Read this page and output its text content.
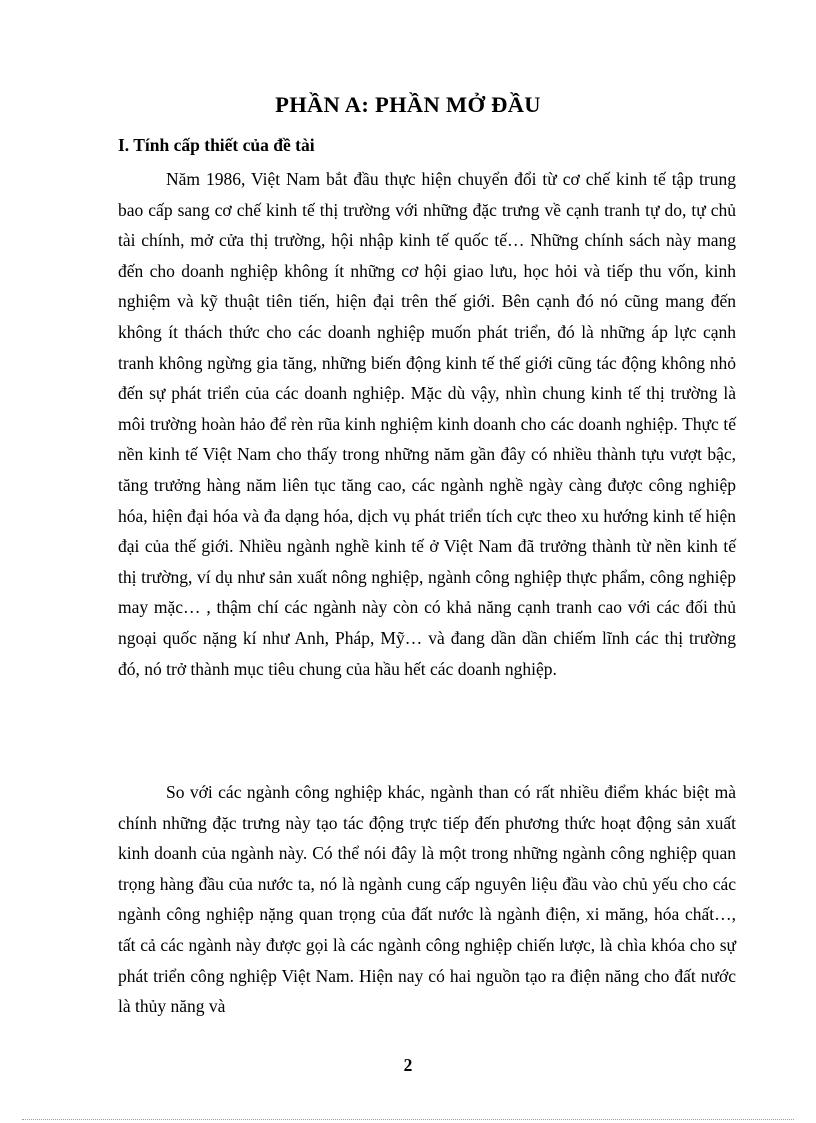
PHẦN A: PHẦN MỞ ĐẦU
I. Tính cấp thiết của đề tài

Năm 1986, Việt Nam bắt đầu thực hiện chuyển đổi từ cơ chế kinh tế tập trung bao cấp sang cơ chế kinh tế thị trường với những đặc trưng về cạnh tranh tự do, tự chủ tài chính, mở cửa thị trường, hội nhập kinh tế quốc tế… Những chính sách này mang đến cho doanh nghiệp không ít những cơ hội giao lưu, học hỏi và tiếp thu vốn, kinh nghiệm và kỹ thuật tiên tiến, hiện đại trên thế giới. Bên cạnh đó nó cũng mang đến không ít thách thức cho các doanh nghiệp muốn phát triển, đó là những áp lực cạnh tranh không ngừng gia tăng, những biến động kinh tế thế giới cũng tác động không nhỏ đến sự phát triển của các doanh nghiệp. Mặc dù vậy, nhìn chung kinh tế thị trường là môi trường hoàn hảo để rèn rũa kinh nghiệm kinh doanh cho các doanh nghiệp. Thực tế nền kinh tế Việt Nam cho thấy trong những năm gần đây có nhiều thành tựu vượt bậc, tăng trưởng hàng năm liên tục tăng cao, các ngành nghề ngày càng được công nghiệp hóa, hiện đại hóa và đa dạng hóa, dịch vụ phát triển tích cực theo xu hướng kinh tế hiện đại của thế giới. Nhiều ngành nghề kinh tế ở Việt Nam đã trưởng thành từ nền kinh tế thị trường, ví dụ như sản xuất nông nghiệp, ngành công nghiệp thực phẩm, công nghiệp may mặc… , thậm chí các ngành này còn có khả năng cạnh tranh cao với các đối thủ ngoại quốc nặng kí như Anh, Pháp, Mỹ… và đang dần dần chiếm lĩnh các thị trường đó, nó trở thành mục tiêu chung của hầu hết các doanh nghiệp.

So với các ngành công nghiệp khác, ngành than có rất nhiều điểm khác biệt mà chính những đặc trưng này tạo tác động trực tiếp đến phương thức hoạt động sản xuất kinh doanh của ngành này. Có thể nói đây là một trong những ngành công nghiệp quan trọng hàng đầu của nước ta, nó là ngành cung cấp nguyên liệu đầu vào chủ yếu cho các ngành công nghiệp nặng quan trọng của đất nước là ngành điện, xi măng, hóa chất…, tất cả các ngành này được gọi là các ngành công nghiệp chiến lược, là chìa khóa cho sự phát triển công nghiệp Việt Nam. Hiện nay có hai nguồn tạo ra điện năng cho đất nước là thủy năng và

2
